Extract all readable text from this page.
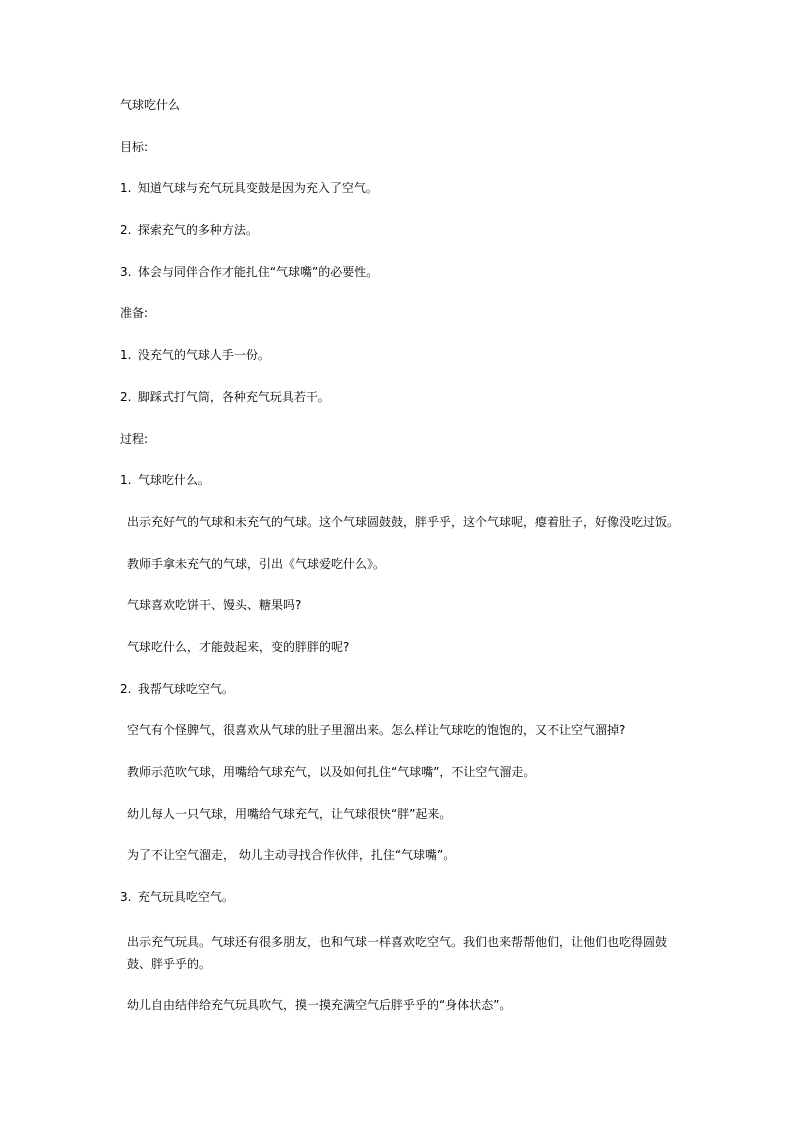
气球吃什么
目标:
1. 知道气球与充气玩具变鼓是因为充入了空气。
2. 探索充气的多种方法。
3. 体会与同伴合作才能扎住“气球嘴”的必要性。
准备:
1. 没充气的气球人手一份。
2. 脚踩式打气筒，各种充气玩具若干。
过程:
1. 气球吃什么。
出示充好气的气球和未充气的气球。这个气球圆鼓鼓，胖乎乎，这个气球呢，瘪着肚子，好像没吃过饭。
教师手拿未充气的气球，引出《气球爱吃什么》。
气球喜欢吃饼干、馒头、糖果吗?
气球吃什么，才能鼓起来，变的胖胖的呢?
2. 我帮气球吃空气。
空气有个怪脾气，很喜欢从气球的肚子里溜出来。怎么样让气球吃的饱饱的，又不让空气溜掉?
教师示范吹气球，用嘴给气球充气，以及如何扎住“气球嘴”，不让空气溜走。
幼儿每人一只气球，用嘴给气球充气，让气球很快“胖”起来。
为了不让空气溜走， 幼儿主动寻找合作伙伴，扎住“气球嘴”。
3. 充气玩具吃空气。
出示充气玩具。气球还有很多朋友，也和气球一样喜欢吃空气。我们也来帮帮他们，让他们也吃得圆鼓鼓、胖乎乎的。
幼儿自由结伴给充气玩具吹气，摸一摸充满空气后胖乎乎的“身体状态”。
